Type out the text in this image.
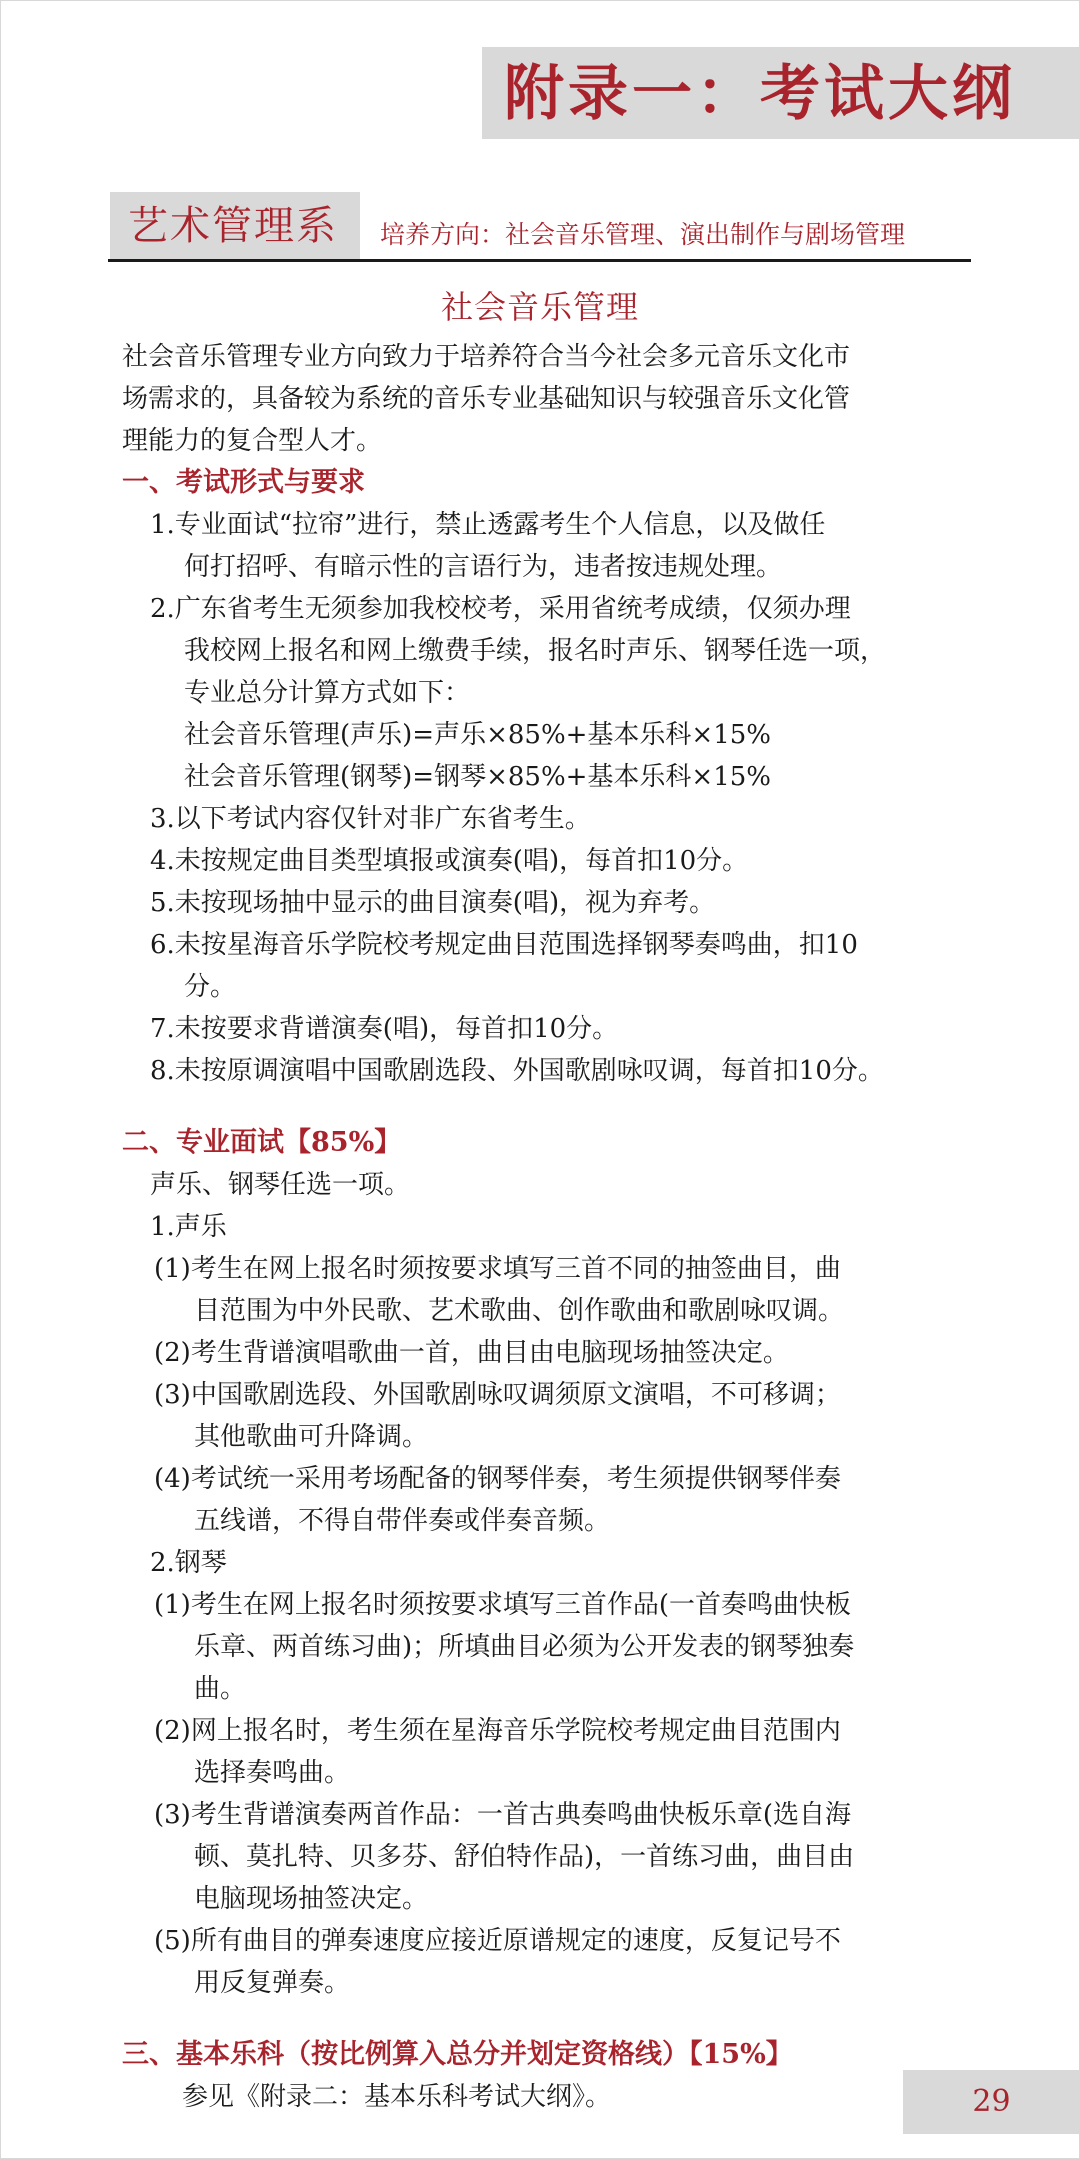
附录一：考试大纲
艺术管理系 培养方向：社会音乐管理、演出制作与剧场管理
社会音乐管理
社会音乐管理专业方向致力于培养符合当今社会多元音乐文化市
场需求的，具备较为系统的音乐专业基础知识与较强音乐文化管
理能力的复合型人才。
一、考试形式与要求
1.专业面试“拉帘”进行，禁止透露考生个人信息，以及做任
何打招呼、有暗示性的言语行为，违者按违规处理。
2.广东省考生无须参加我校校考，采用省统考成绩，仅须办理
我校网上报名和网上缴费手续，报名时声乐、钢琴任选一项，
专业总分计算方式如下：
社会音乐管理(声乐)=声乐×85%+基本乐科×15%
社会音乐管理(钢琴)=钢琴×85%+基本乐科×15%
3.以下考试内容仅针对非广东省考生。
4.未按规定曲目类型填报或演奏(唱)，每首扣10分。
5.未按现场抽中显示的曲目演奏(唱)，视为弃考。
6.未按星海音乐学院校考规定曲目范围选择钢琴奏鸣曲，扣10
分。
7.未按要求背谱演奏(唱)，每首扣10分。
8.未按原调演唱中国歌剧选段、外国歌剧咏叹调，每首扣10分。
二、专业面试【85%】
声乐、钢琴任选一项。
1.声乐
(1)考生在网上报名时须按要求填写三首不同的抽签曲目，曲
目范围为中外民歌、艺术歌曲、创作歌曲和歌剧咏叹调。
(2)考生背谱演唱歌曲一首，曲目由电脑现场抽签决定。
(3)中国歌剧选段、外国歌剧咏叹调须原文演唱，不可移调；
其他歌曲可升降调。
(4)考试统一采用考场配备的钢琴伴奏，考生须提供钢琴伴奏
五线谱，不得自带伴奏或伴奏音频。
2.钢琴
(1)考生在网上报名时须按要求填写三首作品(一首奏鸣曲快板
乐章、两首练习曲)；所填曲目必须为公开发表的钢琴独奏
曲。
(2)网上报名时，考生须在星海音乐学院校考规定曲目范围内
选择奏鸣曲。
(3)考生背谱演奏两首作品：一首古典奏鸣曲快板乐章(选自海
顿、莫扎特、贝多芬、舒伯特作品)，一首练习曲，曲目由
电脑现场抽签决定。
(5)所有曲目的弹奏速度应接近原谱规定的速度，反复记号不
用反复弹奏。
三、基本乐科（按比例算入总分并划定资格线）【15%】
参见《附录二：基本乐科考试大纲》。	29
